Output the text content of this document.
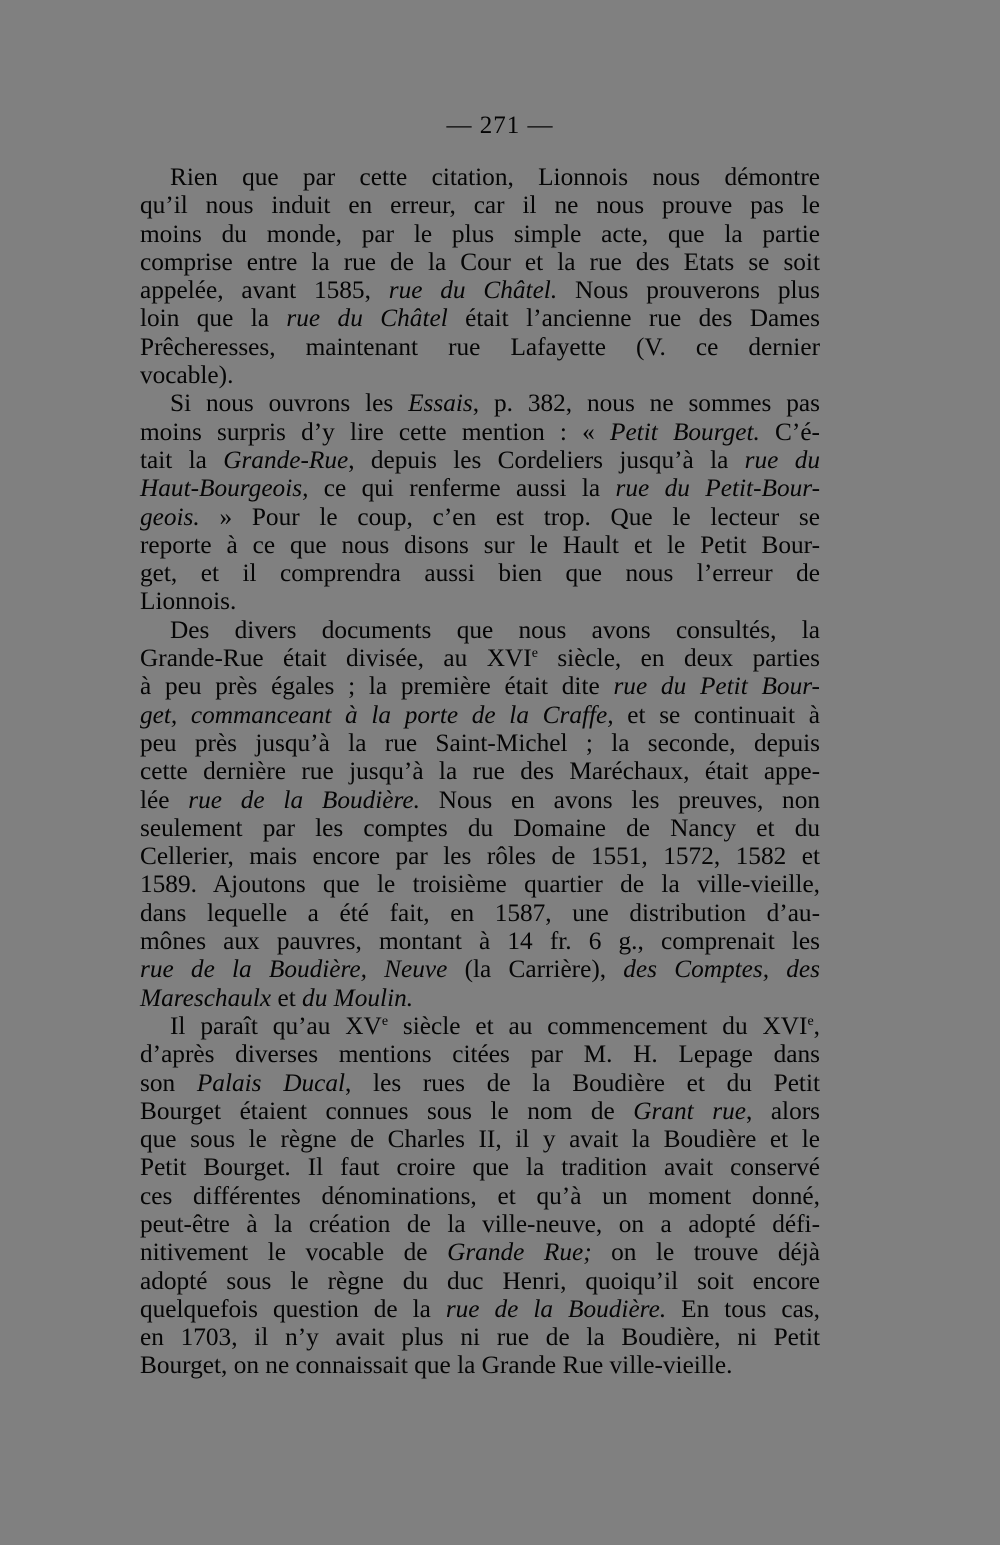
— 271 —
Rien que par cette citation, Lionnois nous démontre
qu’il nous induit en erreur, car il ne nous prouve pas le
moins du monde, par le plus simple acte, que la partie
comprise entre la rue de la Cour et la rue des Etats se soit
appelée, avant 1585, rue du Châtel. Nous prouverons plus
loin que la rue du Châtel était l’ancienne rue des Dames
Prêcheresses, maintenant rue Lafayette (V. ce dernier
vocable).
Si nous ouvrons les Essais, p. 382, nous ne sommes pas
moins surpris d’y lire cette mention : « Petit Bourget. C’é-
tait la Grande-Rue, depuis les Cordeliers jusqu’à la rue du
Haut-Bourgeois, ce qui renferme aussi la rue du Petit-Bour-
geois. » Pour le coup, c’en est trop. Que le lecteur se
reporte à ce que nous disons sur le Hault et le Petit Bour-
get, et il comprendra aussi bien que nous l’erreur de
Lionnois.
Des divers documents que nous avons consultés, la
Grande-Rue était divisée, au XVIe siècle, en deux parties
à peu près égales ; la première était dite rue du Petit Bour-
get, commanceant à la porte de la Craffe, et se continuait à
peu près jusqu’à la rue Saint-Michel ; la seconde, depuis
cette dernière rue jusqu’à la rue des Maréchaux, était appe-
lée rue de la Boudière. Nous en avons les preuves, non
seulement par les comptes du Domaine de Nancy et du
Cellerier, mais encore par les rôles de 1551, 1572, 1582 et
1589. Ajoutons que le troisième quartier de la ville-vieille,
dans lequelle a été fait, en 1587, une distribution d’au-
mônes aux pauvres, montant à 14 fr. 6 g., comprenait les
rue de la Boudière, Neuve (la Carrière), des Comptes, des
Mareschaulx et du Moulin.
Il paraît qu’au XVe siècle et au commencement du XVIe,
d’après diverses mentions citées par M. H. Lepage dans
son Palais Ducal, les rues de la Boudière et du Petit
Bourget étaient connues sous le nom de Grant rue, alors
que sous le règne de Charles II, il y avait la Boudière et le
Petit Bourget. Il faut croire que la tradition avait conservé
ces différentes dénominations, et qu’à un moment donné,
peut-être à la création de la ville-neuve, on a adopté défi-
nitivement le vocable de Grande Rue; on le trouve déjà
adopté sous le règne du duc Henri, quoiqu’il soit encore
quelquefois question de la rue de la Boudière. En tous cas,
en 1703, il n’y avait plus ni rue de la Boudière, ni Petit
Bourget, on ne connaissait que la Grande Rue ville-vieille.
